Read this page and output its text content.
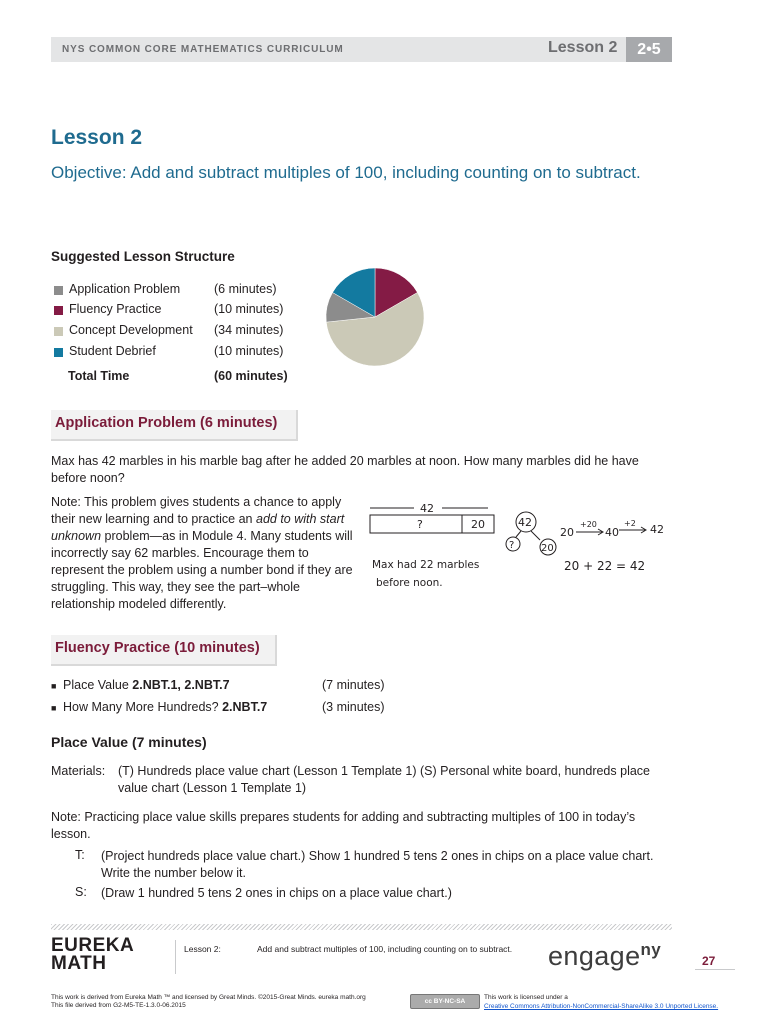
NYS COMMON CORE MATHEMATICS CURRICULUM	Lesson 2	2•5
Lesson 2
Objective: Add and subtract multiples of 100, including counting on to subtract.
Suggested Lesson Structure
Application Problem	(6 minutes)
Fluency Practice	(10 minutes)
Concept Development (34 minutes)
Student Debrief	(10 minutes)
Total Time	(60 minutes)
Application Problem (6 minutes)
Max has 42 marbles in his marble bag after he added 20 marbles at noon. How many marbles did he have before noon?
Note: This problem gives students a chance to apply their new learning and to practice an add to with start unknown problem—as in Module 4. Many students will incorrectly say 62 marbles. Encourage them to represent the problem using a number bond if they are struggling. This way, they see the part–whole relationship modeled differently.
42
?	20	42
?	20
20
+20
40
+2 42
20 + 22 = 42
Max had 22 marbles
before noon.
Fluency Practice (10 minutes)
■ Place Value 2.NBT.1, 2.NBT.7	(7 minutes)
■ How Many More Hundreds? 2.NBT.7	(3 minutes)
Place Value (7 minutes)
Materials: (T) Hundreds place value chart (Lesson 1 Template 1) (S) Personal white board, hundreds place value chart (Lesson 1 Template 1)
Note: Practicing place value skills prepares students for adding and subtracting multiples of 100 in today’s lesson.
T: (Project hundreds place value chart.) Show 1 hundred 5 tens 2 ones in chips on a place value chart. Write the number below it.
S: (Draw 1 hundred 5 tens 2 ones in chips on a place value chart.)
EUREKA
MATH
Lesson 2:	Add and subtract multiples of 100, including counting on to subtract. engage$^{ny}$
27
This work is derived from Eureka Math ™ and licensed by Great Minds. ©2015-Great Minds. eureka math.org
This file derived from G2-M5-TE-1.3.0-06.2015
cc BY-NC-SA
This work is licensed under a
Creative Commons Attribution-NonCommercial-ShareAlike 3.0 Unported License.
